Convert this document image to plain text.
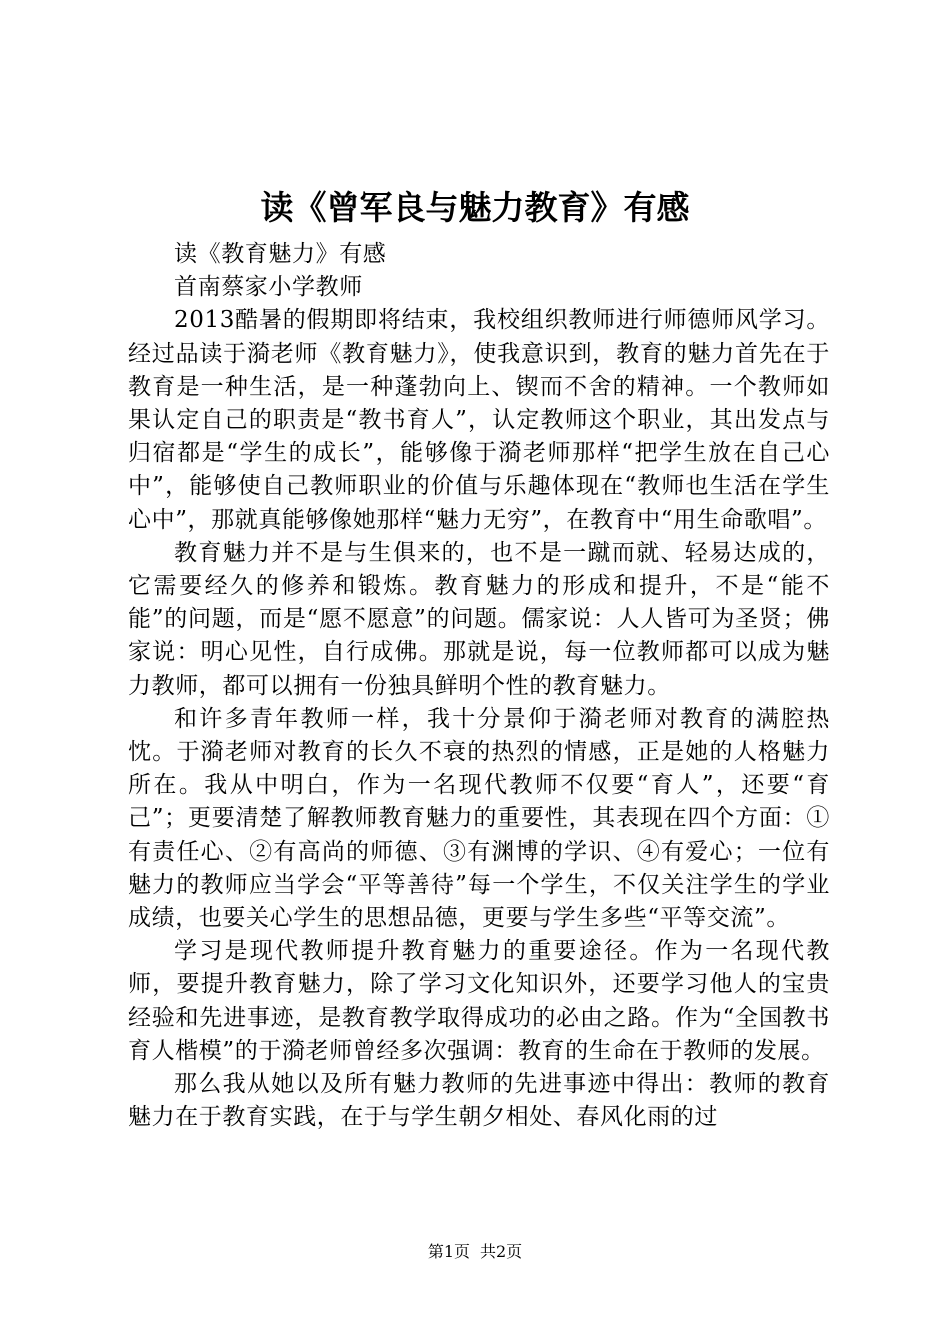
读《曾军良与魅力教育》有感

读《教育魅力》有感

首南蔡家小学教师

2013酷暑的假期即将结束，我校组织教师进行师德师风学习。经过品读于漪老师《教育魅力》，使我意识到，教育的魅力首先在于教育是一种生活，是一种蓬勃向上、锲而不舍的精神。一个教师如果认定自己的职责是“教书育人”，认定教师这个职业，其出发点与归宿都是“学生的成长”，能够像于漪老师那样“把学生放在自己心中”，能够使自己教师职业的价值与乐趣体现在“教师也生活在学生心中”，那就真能够像她那样“魅力无穷”，在教育中“用生命歌唱”。

教育魅力并不是与生俱来的，也不是一蹴而就、轻易达成的，它需要经久的修养和锻炼。教育魅力的形成和提升，不是“能不能”的问题，而是“愿不愿意”的问题。儒家说：人人皆可为圣贤；佛家说：明心见性，自行成佛。那就是说，每一位教师都可以成为魅力教师，都可以拥有一份独具鲜明个性的教育魅力。

和许多青年教师一样，我十分景仰于漪老师对教育的满腔热忱。于漪老师对教育的长久不衰的热烈的情感，正是她的人格魅力所在。我从中明白，作为一名现代教师不仅要“育人”，还要“育己”；更要清楚了解教师教育魅力的重要性，其表现在四个方面：①有责任心、②有高尚的师德、③有渊博的学识、④有爱心；一位有魅力的教师应当学会“平等善待”每一个学生，不仅关注学生的学业成绩，也要关心学生的思想品德，更要与学生多些“平等交流”。

学习是现代教师提升教育魅力的重要途径。作为一名现代教师，要提升教育魅力，除了学习文化知识外，还要学习他人的宝贵经验和先进事迹，是教育教学取得成功的必由之路。作为“全国教书育人楷模”的于漪老师曾经多次强调：教育的生命在于教师的发展。

那么我从她以及所有魅力教师的先进事迹中得出：教师的教育魅力在于教育实践，在于与学生朝夕相处、春风化雨的过

第1页 共2页
